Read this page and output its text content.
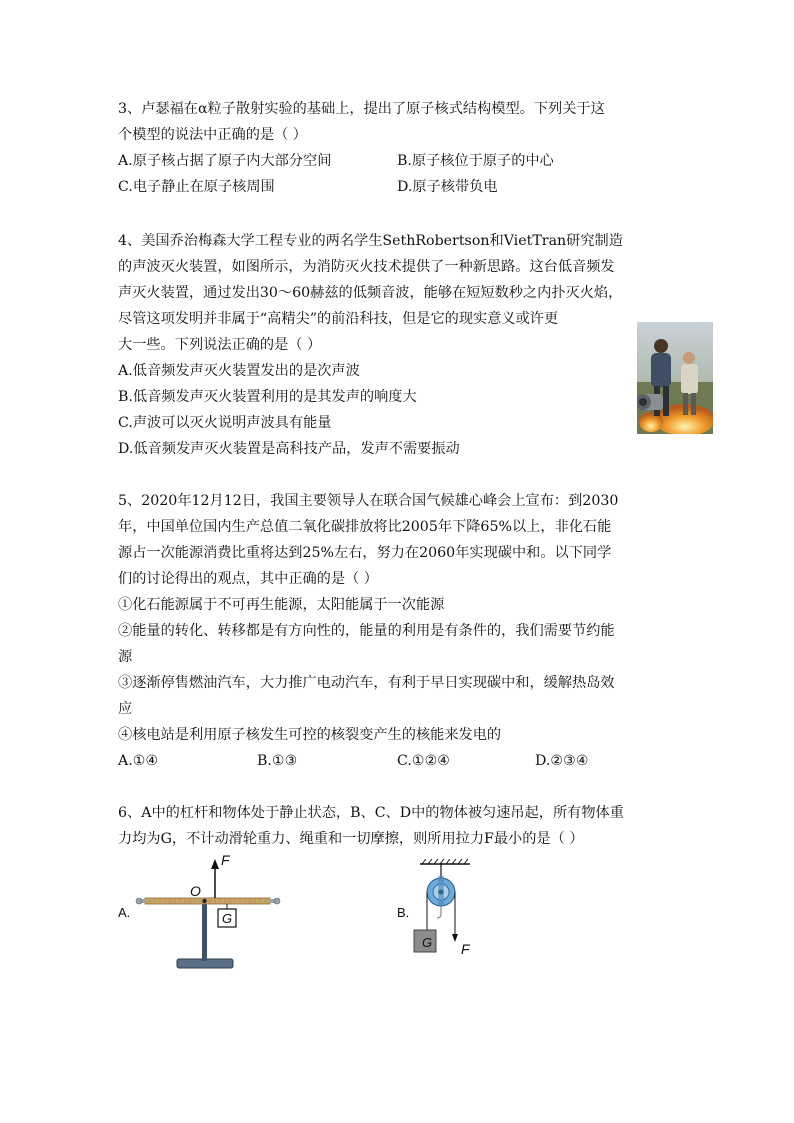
3、卢瑟福在α粒子散射实验的基础上，提出了原子核式结构模型。下列关于这
个模型的说法中正确的是（ ）
A.原子核占据了原子内大部分空间	B.原子核位于原子的中心
C.电子静止在原子核周围	D.原子核带负电
4、美国乔治梅森大学工程专业的两名学生SethRobertson和VietTran研究制造
的声波灭火装置，如图所示，为消防灭火技术提供了一种新思路。这台低音频发
声灭火装置，通过发出30～60赫兹的低频音波，能够在短短数秒之内扑灭火焰，
尽管这项发明并非属于“高精尖”的前沿科技，但是它的现实意义或许更
大一些。下列说法正确的是（ ）
A.低音频发声灭火装置发出的是次声波
B.低音频发声灭火装置利用的是其发声的响度大
C.声波可以灭火说明声波具有能量
D.低音频发声灭火装置是高科技产品，发声不需要振动
5、2020年12月12日，我国主要领导人在联合国气候雄心峰会上宣布：到2030
年，中国单位国内生产总值二氧化碳排放将比2005年下降65%以上，非化石能
源占一次能源消费比重将达到25%左右，努力在2060年实现碳中和。以下同学
们的讨论得出的观点，其中正确的是（ ）
①化石能源属于不可再生能源，太阳能属于一次能源
②能量的转化、转移都是有方向性的，能量的利用是有条件的，我们需要节约能
源
③逐渐停售燃油汽车，大力推广电动汽车，有利于早日实现碳中和，缓解热岛效
应
④核电站是利用原子核发生可控的核裂变产生的核能来发电的
A.①④	B.①③	C.①②④	D.②③④
6、A中的杠杆和物体处于静止状态，B、C、D中的物体被匀速吊起，所有物体重
力均为G，不计动滑轮重力、绳重和一切摩擦，则所用拉力F最小的是（ ）
A.
F
O
G	B.
G F
